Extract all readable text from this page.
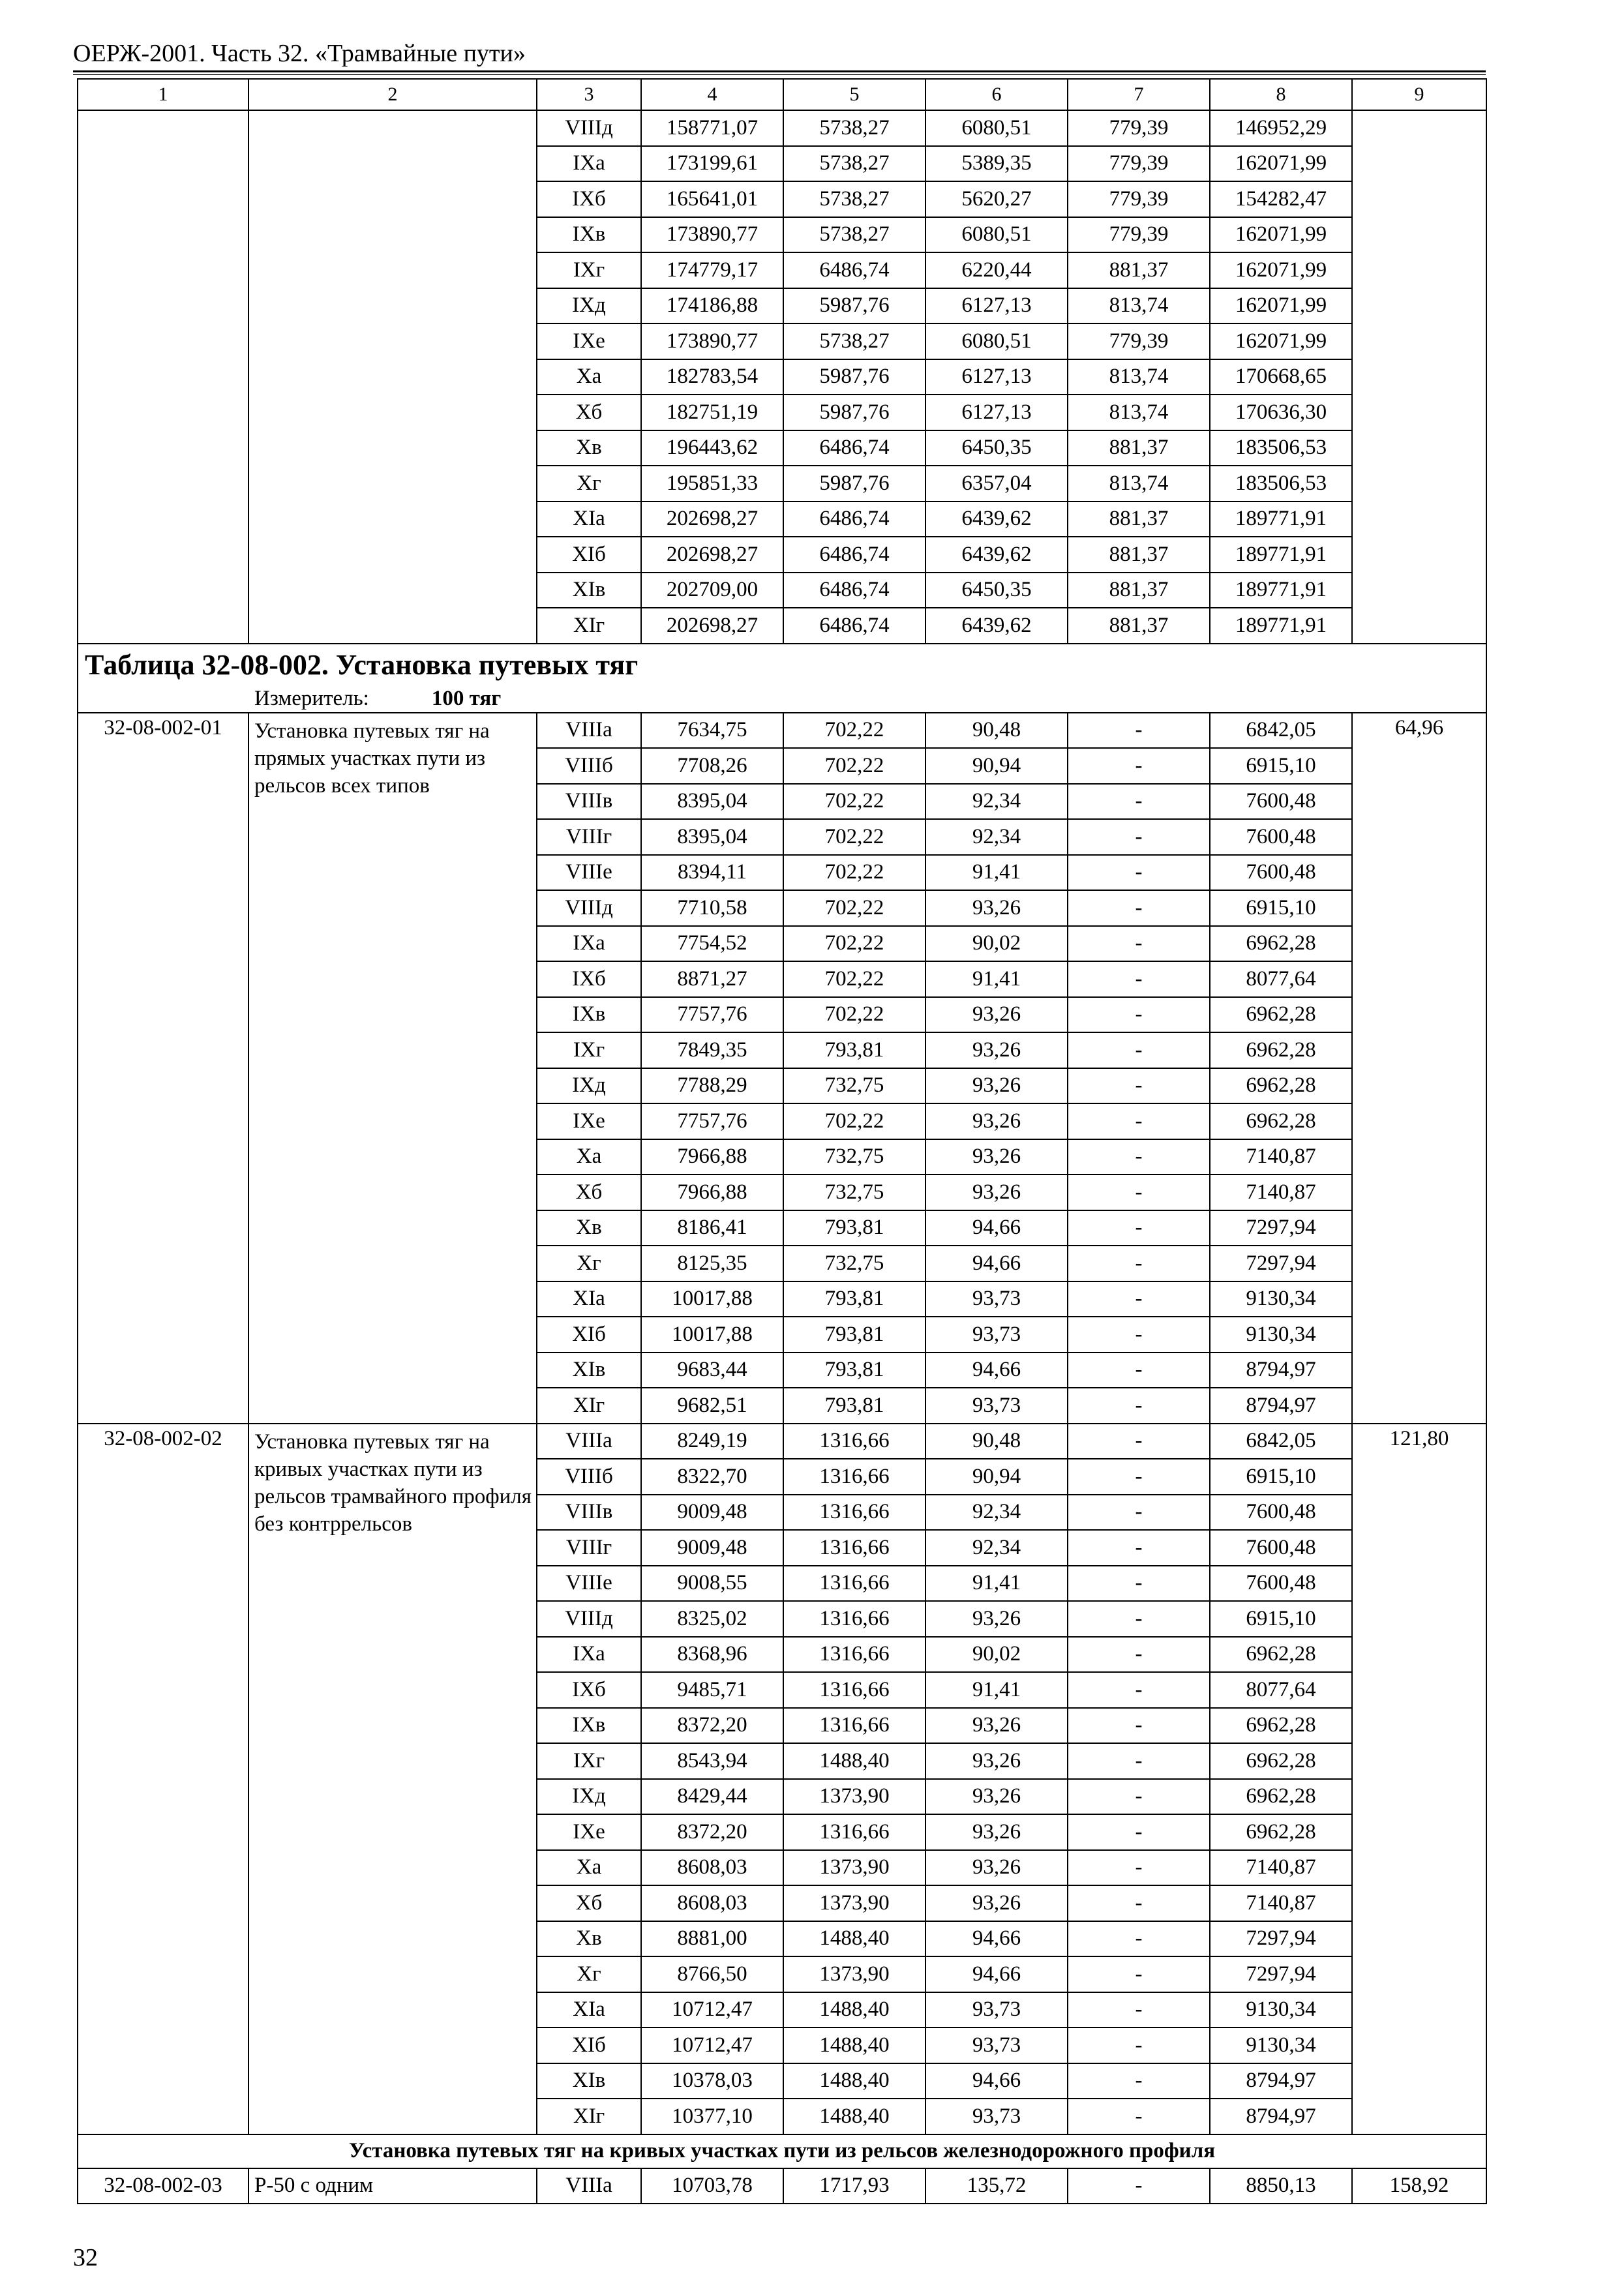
ОЕРЖ-2001. Часть 32. «Трамвайные пути»
1	2	3	4	5	6	7	8	9
		VIIIд	158771,07	5738,27	6080,51	779,39	146952,29	
		IXа	173199,61	5738,27	5389,35	779,39	162071,99	
		IXб	165641,01	5738,27	5620,27	779,39	154282,47	
		IXв	173890,77	5738,27	6080,51	779,39	162071,99	
		IXг	174779,17	6486,74	6220,44	881,37	162071,99	
		IXд	174186,88	5987,76	6127,13	813,74	162071,99	
		IXе	173890,77	5738,27	6080,51	779,39	162071,99	
		Xа	182783,54	5987,76	6127,13	813,74	170668,65	
		Xб	182751,19	5987,76	6127,13	813,74	170636,30	
		Xв	196443,62	6486,74	6450,35	881,37	183506,53	
		Xг	195851,33	5987,76	6357,04	813,74	183506,53	
		XIа	202698,27	6486,74	6439,62	881,37	189771,91	
		XIб	202698,27	6486,74	6439,62	881,37	189771,91	
		XIв	202709,00	6486,74	6450,35	881,37	189771,91	
		XIг	202698,27	6486,74	6439,62	881,37	189771,91	
Таблица 32-08-002. Установка путевых тяг								
Измеритель: 100 тяг								
32-08-002-01	Установка путевых тяг на прямых участках пути из рельсов всех типов	VIIIа	7634,75	702,22	90,48	-	6842,05	64,96
		VIIIб	7708,26	702,22	90,94	-	6915,10	
		VIIIв	8395,04	702,22	92,34	-	7600,48	
		VIIIг	8395,04	702,22	92,34	-	7600,48	
		VIIIе	8394,11	702,22	91,41	-	7600,48	
		VIIIд	7710,58	702,22	93,26	-	6915,10	
		IXа	7754,52	702,22	90,02	-	6962,28	
		IXб	8871,27	702,22	91,41	-	8077,64	
		IXв	7757,76	702,22	93,26	-	6962,28	
		IXг	7849,35	793,81	93,26	-	6962,28	
		IXд	7788,29	732,75	93,26	-	6962,28	
		IXе	7757,76	702,22	93,26	-	6962,28	
		Xа	7966,88	732,75	93,26	-	7140,87	
		Xб	7966,88	732,75	93,26	-	7140,87	
		Xв	8186,41	793,81	94,66	-	7297,94	
		Xг	8125,35	732,75	94,66	-	7297,94	
		XIа	10017,88	793,81	93,73	-	9130,34	
		XIб	10017,88	793,81	93,73	-	9130,34	
		XIв	9683,44	793,81	94,66	-	8794,97	
		XIг	9682,51	793,81	93,73	-	8794,97	
32-08-002-02	Установка путевых тяг на кривых участках пути из рельсов трамвайного профиля без контррельсов	VIIIа	8249,19	1316,66	90,48	-	6842,05	121,80
		VIIIб	8322,70	1316,66	90,94	-	6915,10	
		VIIIв	9009,48	1316,66	92,34	-	7600,48	
		VIIIг	9009,48	1316,66	92,34	-	7600,48	
		VIIIе	9008,55	1316,66	91,41	-	7600,48	
		VIIIд	8325,02	1316,66	93,26	-	6915,10	
		IXа	8368,96	1316,66	90,02	-	6962,28	
		IXб	9485,71	1316,66	91,41	-	8077,64	
		IXв	8372,20	1316,66	93,26	-	6962,28	
		IXг	8543,94	1488,40	93,26	-	6962,28	
		IXд	8429,44	1373,90	93,26	-	6962,28	
		IXе	8372,20	1316,66	93,26	-	6962,28	
		Xа	8608,03	1373,90	93,26	-	7140,87	
		Xб	8608,03	1373,90	93,26	-	7140,87	
		Xв	8881,00	1488,40	94,66	-	7297,94	
		Xг	8766,50	1373,90	94,66	-	7297,94	
		XIа	10712,47	1488,40	93,73	-	9130,34	
		XIб	10712,47	1488,40	93,73	-	9130,34	
		XIв	10378,03	1488,40	94,66	-	8794,97	
		XIг	10377,10	1488,40	93,73	-	8794,97	
Установка путевых тяг на кривых участках пути из рельсов железнодорожного профиля								
32-08-002-03	Р-50 с одним	VIIIа	10703,78	1717,93	135,72	-	8850,13	158,92
32
